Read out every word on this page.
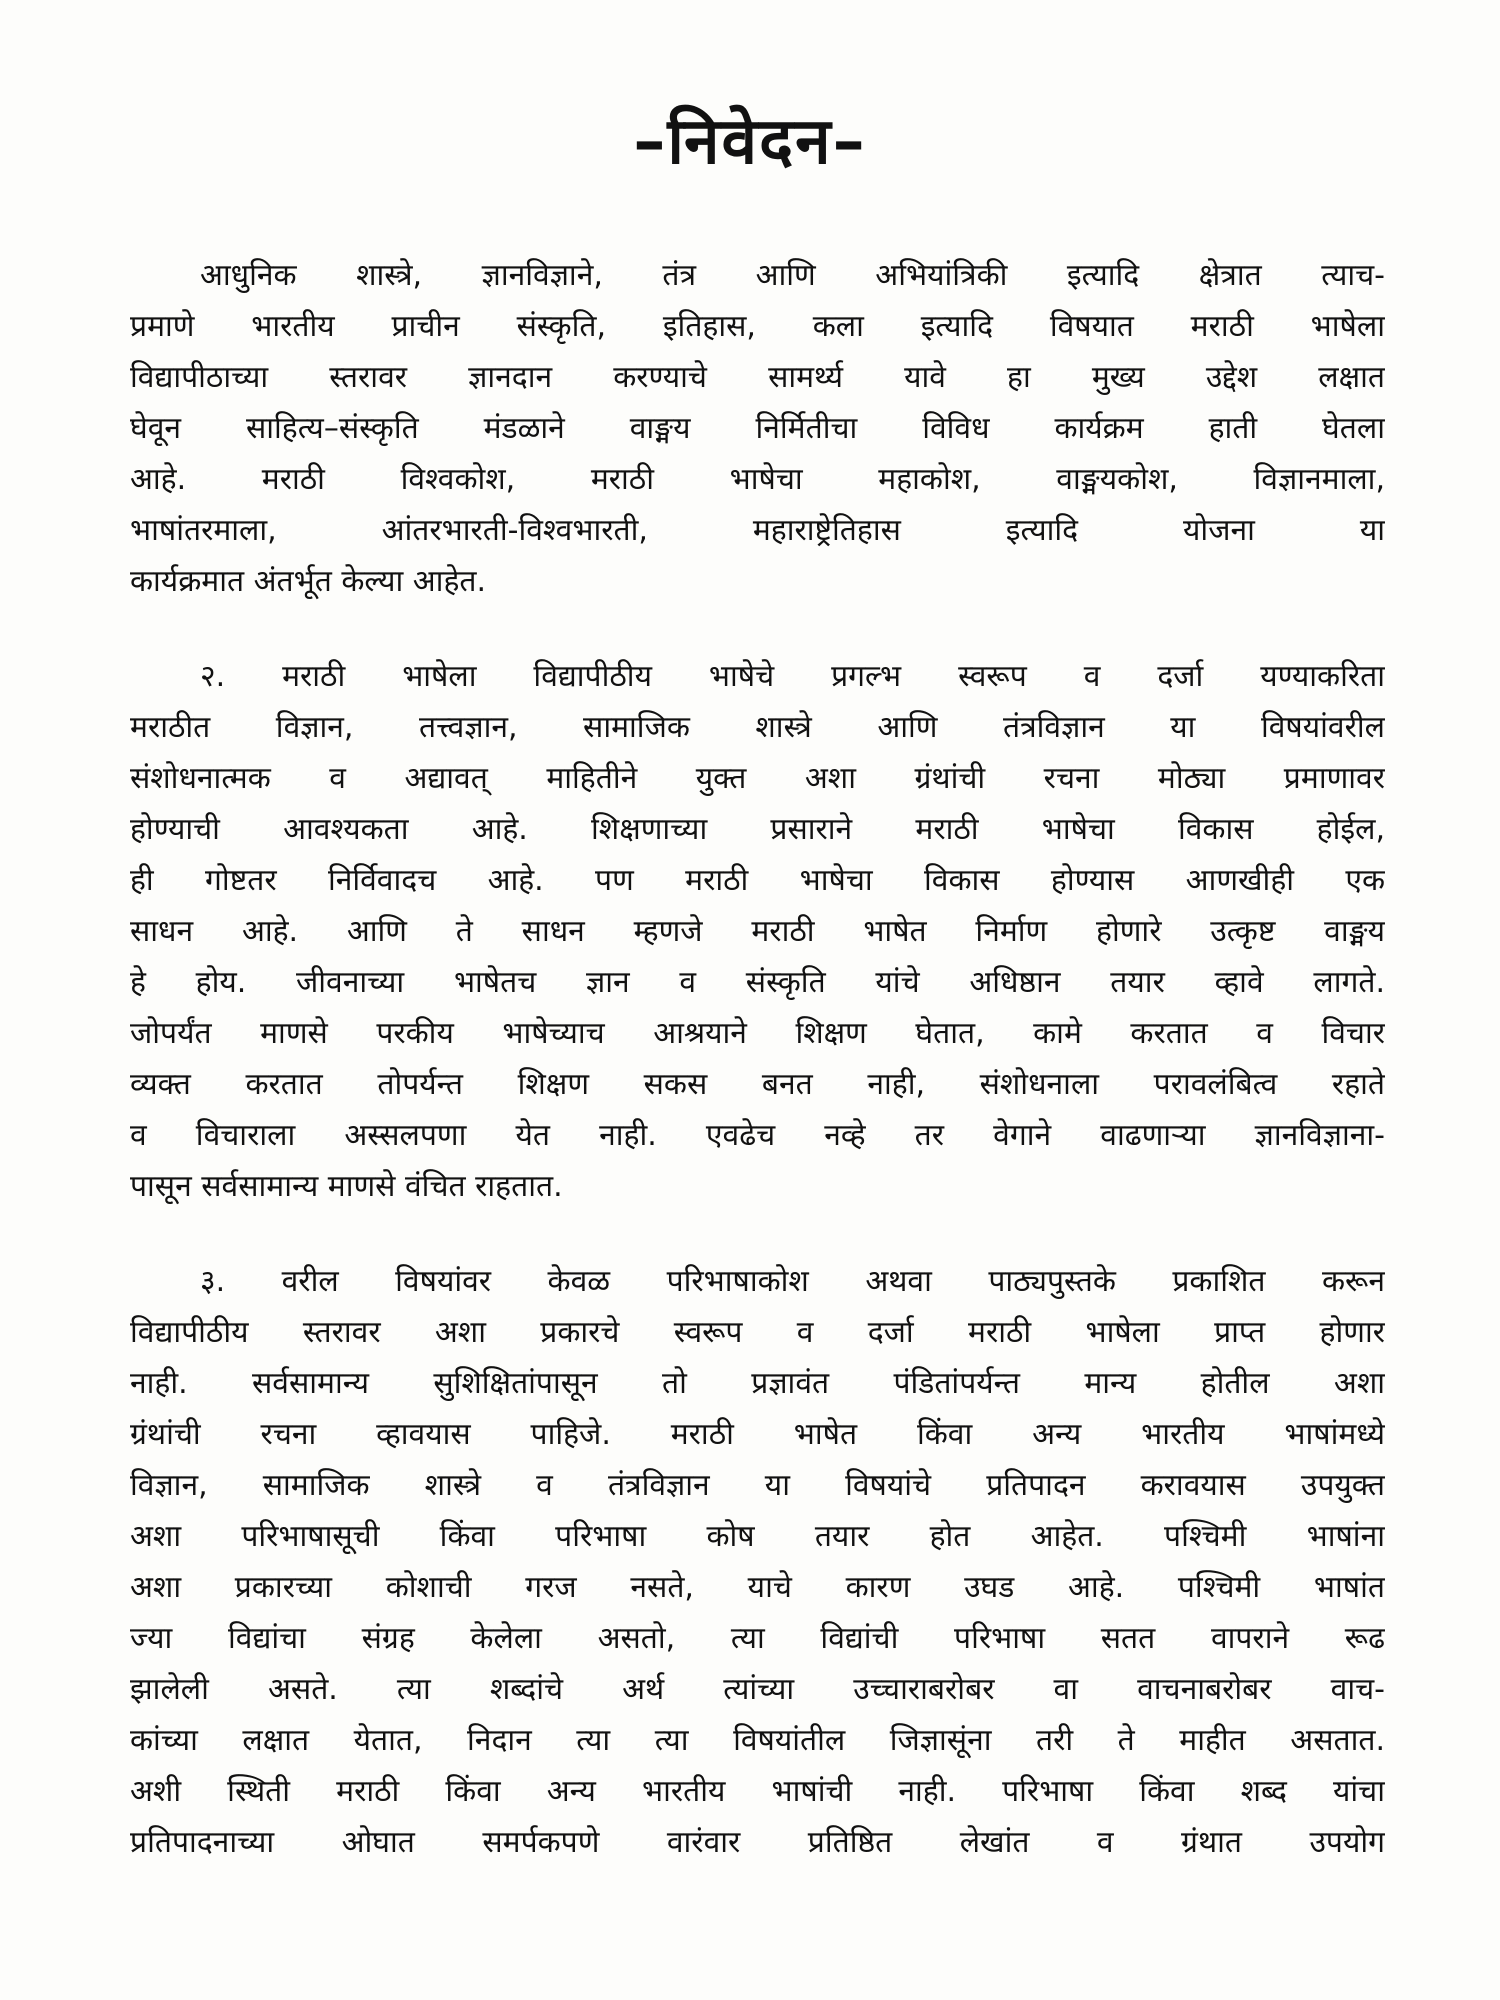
–निवेदन–
आधुनिक शास्त्रे, ज्ञानविज्ञाने, तंत्र आणि अभियांत्रिकी इत्यादि क्षेत्रात त्याच-
प्रमाणे भारतीय प्राचीन संस्कृति, इतिहास, कला इत्यादि विषयात मराठी भाषेला
विद्यापीठाच्या स्तरावर ज्ञानदान करण्याचे सामर्थ्य यावे हा मुख्य उद्देश लक्षात
घेवून साहित्य–संस्कृति मंडळाने वाङ्मय निर्मितीचा विविध कार्यक्रम हाती घेतला
आहे. मराठी विश्वकोश, मराठी भाषेचा महाकोश, वाङ्मयकोश, विज्ञानमाला,
भाषांतरमाला, आंतरभारती-विश्वभारती, महाराष्ट्रेतिहास इत्यादि योजना या
कार्यक्रमात अंतर्भूत केल्या आहेत.
२. मराठी भाषेला विद्यापीठीय भाषेचे प्रगल्भ स्वरूप व दर्जा यण्याकरिता
मराठीत विज्ञान, तत्त्वज्ञान, सामाजिक शास्त्रे आणि तंत्रविज्ञान या विषयांवरील
संशोधनात्मक व अद्यावत् माहितीने युक्त अशा ग्रंथांची रचना मोठ्या प्रमाणावर
होण्याची आवश्यकता आहे. शिक्षणाच्या प्रसाराने मराठी भाषेचा विकास होईल,
ही गोष्टतर निर्विवादच आहे. पण मराठी भाषेचा विकास होण्यास आणखीही एक
साधन आहे. आणि ते साधन म्हणजे मराठी भाषेत निर्माण होणारे उत्कृष्ट वाङ्मय
हे होय. जीवनाच्या भाषेतच ज्ञान व संस्कृति यांचे अधिष्ठान तयार व्हावे लागते.
जोपर्यंत माणसे परकीय भाषेच्याच आश्रयाने शिक्षण घेतात, कामे करतात व विचार
व्यक्त करतात तोपर्यन्त शिक्षण सकस बनत नाही, संशोधनाला परावलंबित्व रहाते
व विचाराला अस्सलपणा येत नाही. एवढेच नव्हे तर वेगाने वाढणाऱ्या ज्ञानविज्ञाना-
पासून सर्वसामान्य माणसे वंचित राहतात.
३. वरील विषयांवर केवळ परिभाषाकोश अथवा पाठ्यपुस्तके प्रकाशित करून
विद्यापीठीय स्तरावर अशा प्रकारचे स्वरूप व दर्जा मराठी भाषेला प्राप्त होणार
नाही. सर्वसामान्य सुशिक्षितांपासून तो प्रज्ञावंत पंडितांपर्यन्त मान्य होतील अशा
ग्रंथांची रचना व्हावयास पाहिजे. मराठी भाषेत किंवा अन्य भारतीय भाषांमध्ये
विज्ञान, सामाजिक शास्त्रे व तंत्रविज्ञान या विषयांचे प्रतिपादन करावयास उपयुक्त
अशा परिभाषासूची किंवा परिभाषा कोष तयार होत आहेत. पश्चिमी भाषांना
अशा प्रकारच्या कोशाची गरज नसते, याचे कारण उघड आहे. पश्चिमी भाषांत
ज्या विद्यांचा संग्रह केलेला असतो, त्या विद्यांची परिभाषा सतत वापराने रूढ
झालेली असते. त्या शब्दांचे अर्थ त्यांच्या उच्चाराबरोबर वा वाचनाबरोबर वाच-
कांच्या लक्षात येतात, निदान त्या त्या विषयांतील जिज्ञासूंना तरी ते माहीत असतात.
अशी स्थिती मराठी किंवा अन्य भारतीय भाषांची नाही. परिभाषा किंवा शब्द यांचा
प्रतिपादनाच्या ओघात समर्पकपणे वारंवार प्रतिष्ठित लेखांत व ग्रंथात उपयोग
